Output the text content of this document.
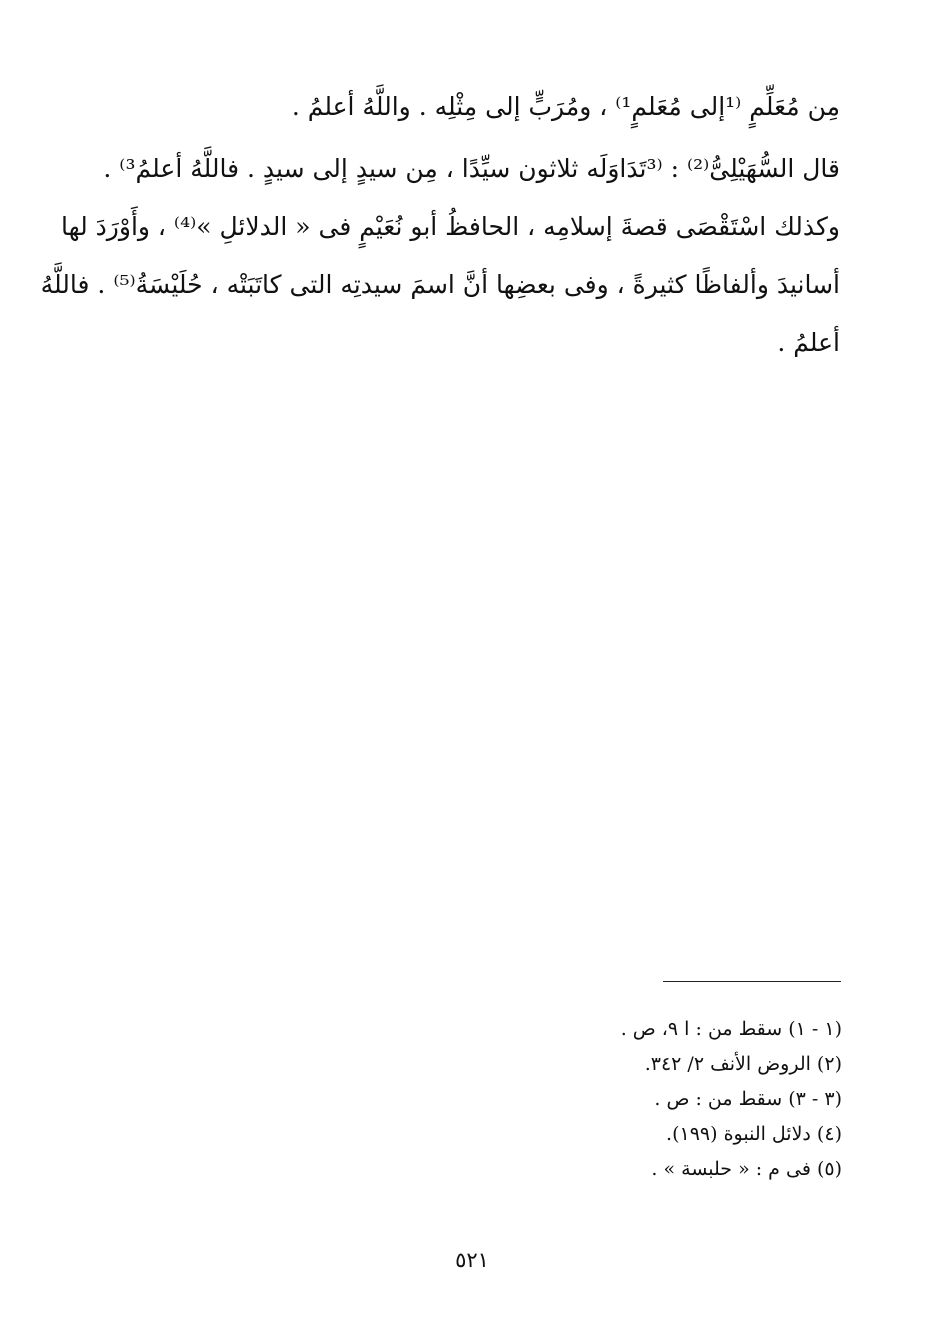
مِن مُعَلِّمٍ ⁽¹إلى مُعَلمٍ¹⁾ ، ومُرَبٍّ إلى مِثْلِه . واللَّهُ أعلمُ .
قال السُّهَيْلِىُّ⁽²⁾ : ⁽³تَدَاوَلَه ثلاثون سيِّدًا ، مِن سيدٍ إلى سيدٍ . فاللَّهُ أعلمُ³⁾ .
وكذلك اسْتَقْصَى قصةَ إسلامِه ، الحافظُ أبو نُعَيْمٍ فى « الدلائلِ »⁽⁴⁾ ، وأَوْرَدَ لها
أسانيدَ وألفاظًا كثيرةً ، وفى بعضِها أنَّ اسمَ سيدتِه التى كاتَبَتْه ، حُلَيْسَةُ⁽⁵⁾ . فاللَّهُ
أعلمُ .
(١ - ١) سقط من : ا ٩، ص .
(٢) الروض الأنف ٢/ ٣٤٢.
(٣ - ٣) سقط من : ص .
(٤) دلائل النبوة (١٩٩).
(٥) فى م : « حلبسة » .
٥٢١
